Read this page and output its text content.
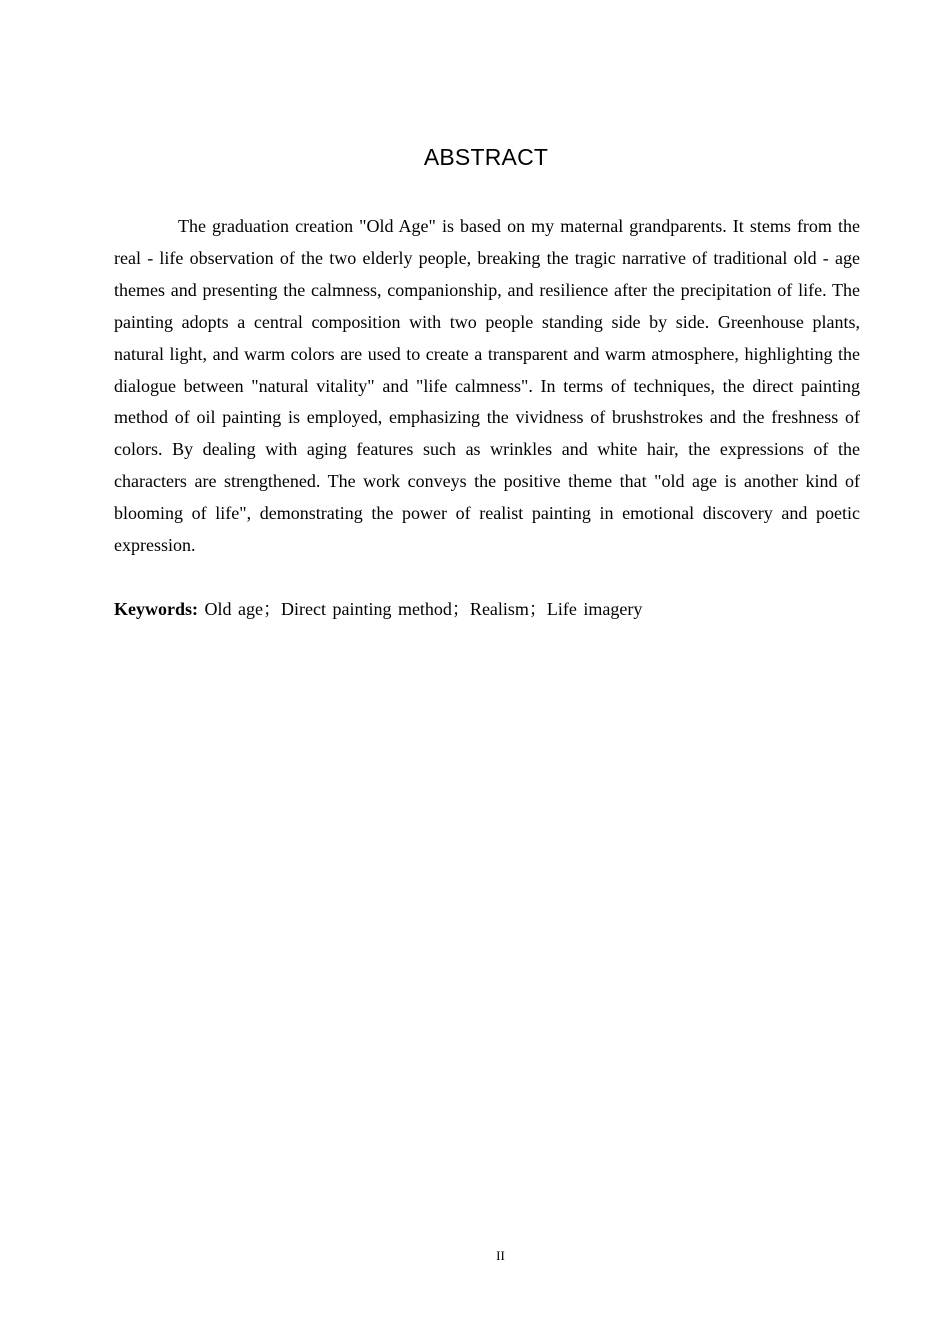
ABSTRACT

The graduation creation "Old Age" is based on my maternal grandparents. It stems from the real - life observation of the two elderly people, breaking the tragic narrative of traditional old - age themes and presenting the calmness, companionship, and resilience after the precipitation of life. The painting adopts a central composition with two people standing side by side. Greenhouse plants, natural light, and warm colors are used to create a transparent and warm atmosphere, highlighting the dialogue between "natural vitality" and "life calmness". In terms of techniques, the direct painting method of oil painting is employed, emphasizing the vividness of brushstrokes and the freshness of colors. By dealing with aging features such as wrinkles and white hair, the expressions of the characters are strengthened. The work conveys the positive theme that "old age is another kind of blooming of life", demonstrating the power of realist painting in emotional discovery and poetic expression.

Keywords: Old age；Direct painting method；Realism；Life imagery

II
